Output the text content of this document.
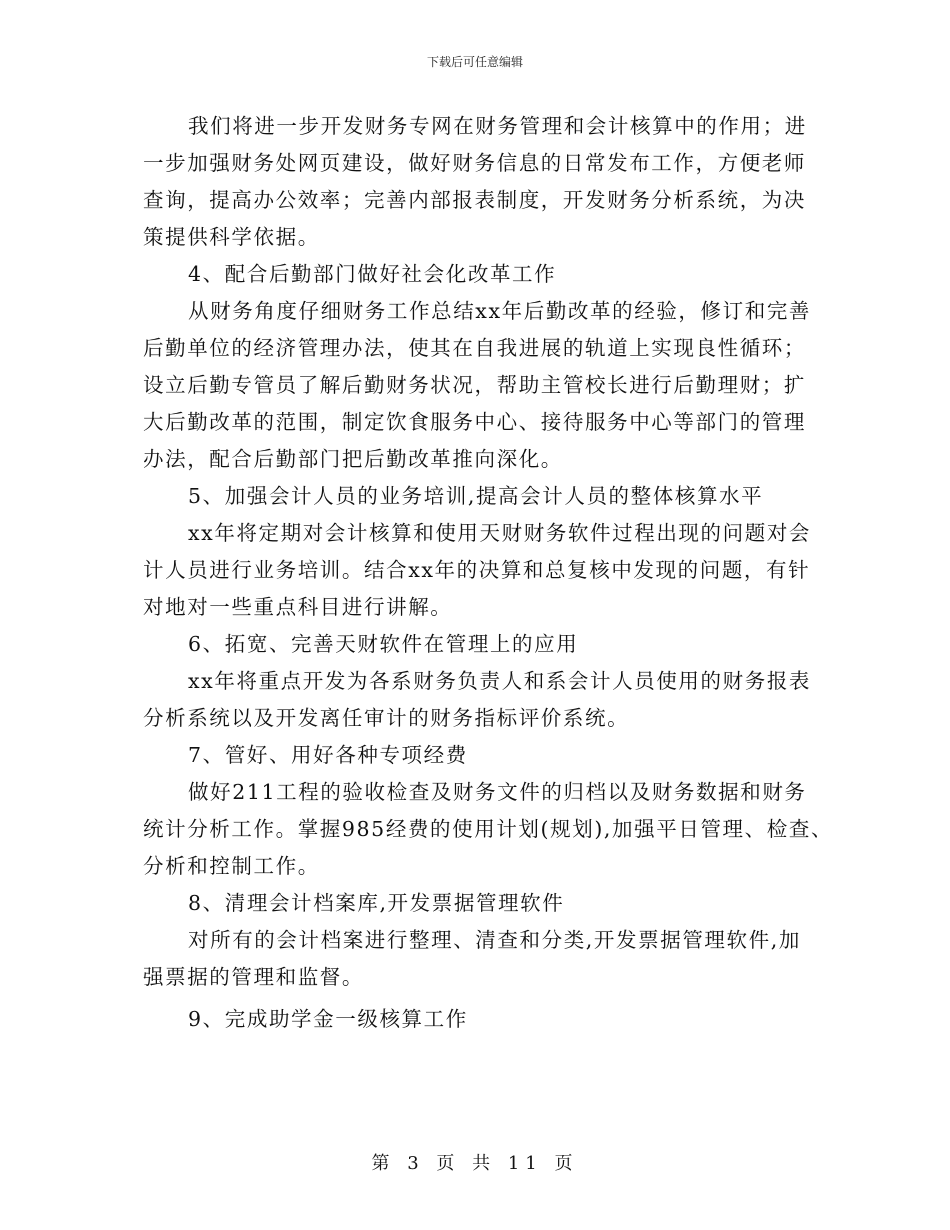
下载后可任意编辑
我们将进一步开发财务专网在财务管理和会计核算中的作用；进
一步加强财务处网页建设，做好财务信息的日常发布工作，方便老师
查询，提高办公效率；完善内部报表制度，开发财务分析系统，为决
策提供科学依据。
4、配合后勤部门做好社会化改革工作
从财务角度仔细财务工作总结xx年后勤改革的经验，修订和完善
后勤单位的经济管理办法，使其在自我进展的轨道上实现良性循环；
设立后勤专管员了解后勤财务状况，帮助主管校长进行后勤理财；扩
大后勤改革的范围，制定饮食服务中心、接待服务中心等部门的管理
办法，配合后勤部门把后勤改革推向深化。
5、加强会计人员的业务培训,提高会计人员的整体核算水平
xx年将定期对会计核算和使用天财财务软件过程出现的问题对会
计人员进行业务培训。结合xx年的决算和总复核中发现的问题，有针
对地对一些重点科目进行讲解。
6、拓宽、完善天财软件在管理上的应用
xx年将重点开发为各系财务负责人和系会计人员使用的财务报表
分析系统以及开发离任审计的财务指标评价系统。
7、管好、用好各种专项经费
做好211工程的验收检查及财务文件的归档以及财务数据和财务
统计分析工作。掌握985经费的使用计划(规划),加强平日管理、检查、
分析和控制工作。
8、清理会计档案库,开发票据管理软件
对所有的会计档案进行整理、清查和分类,开发票据管理软件,加
强票据的管理和监督。
9、完成助学金一级核算工作
第 3 页 共 11 页
